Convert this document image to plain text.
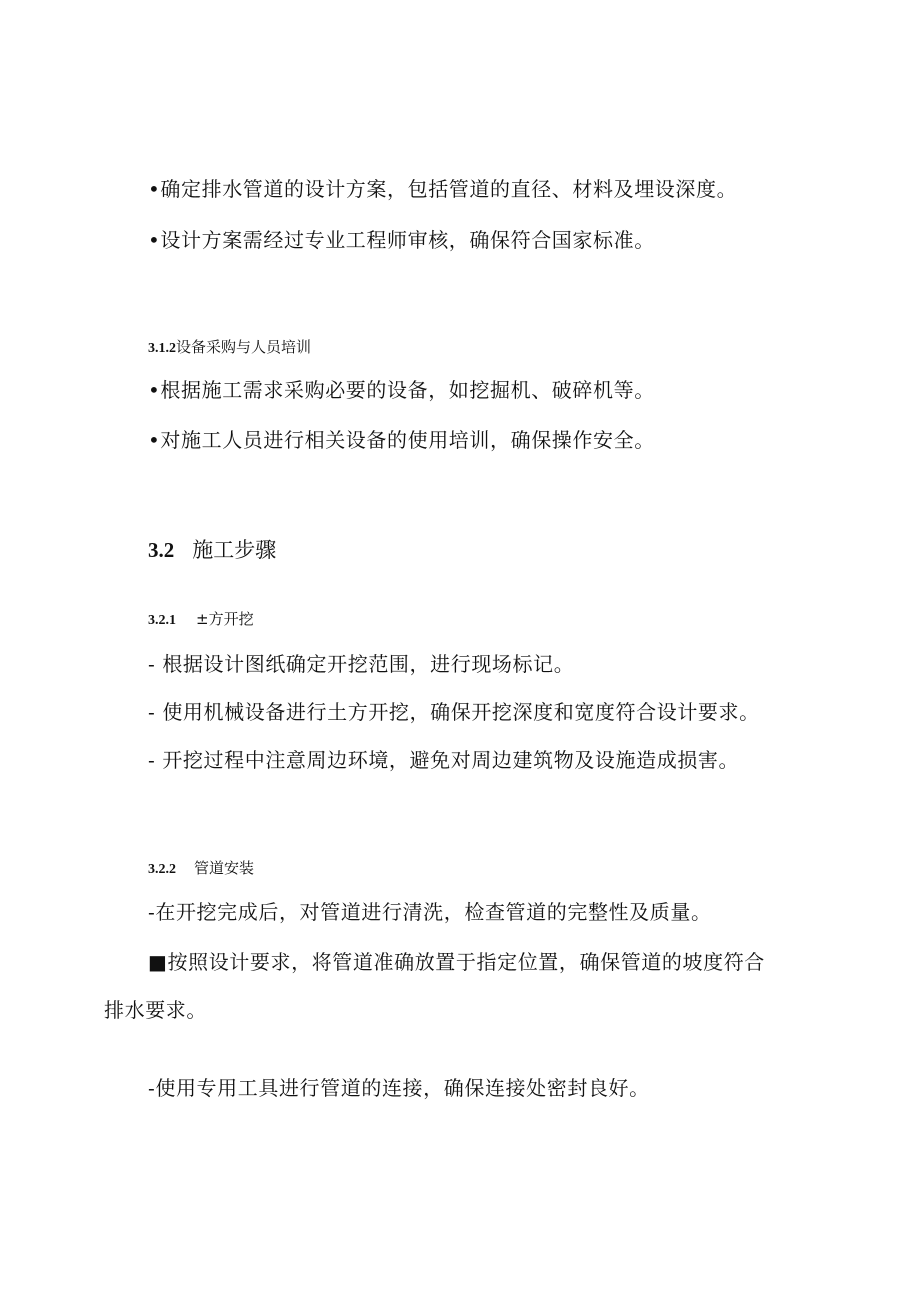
•确定排水管道的设计方案，包括管道的直径、材料及埋设深度。
•设计方案需经过专业工程师审核，确保符合国家标准。
3.1.2设备采购与人员培训
•根据施工需求采购必要的设备，如挖掘机、破碎机等。
•对施工人员进行相关设备的使用培训，确保操作安全。
3.2 施工步骤
3.2.1 ±方开挖
- 根据设计图纸确定开挖范围，进行现场标记。
- 使用机械设备进行土方开挖，确保开挖深度和宽度符合设计要求。
- 开挖过程中注意周边环境，避免对周边建筑物及设施造成损害。
3.2.2 管道安装
-在开挖完成后，对管道进行清洗，检查管道的完整性及质量。
■按照设计要求，将管道准确放置于指定位置，确保管道的坡度符合
排水要求。
-使用专用工具进行管道的连接，确保连接处密封良好。
